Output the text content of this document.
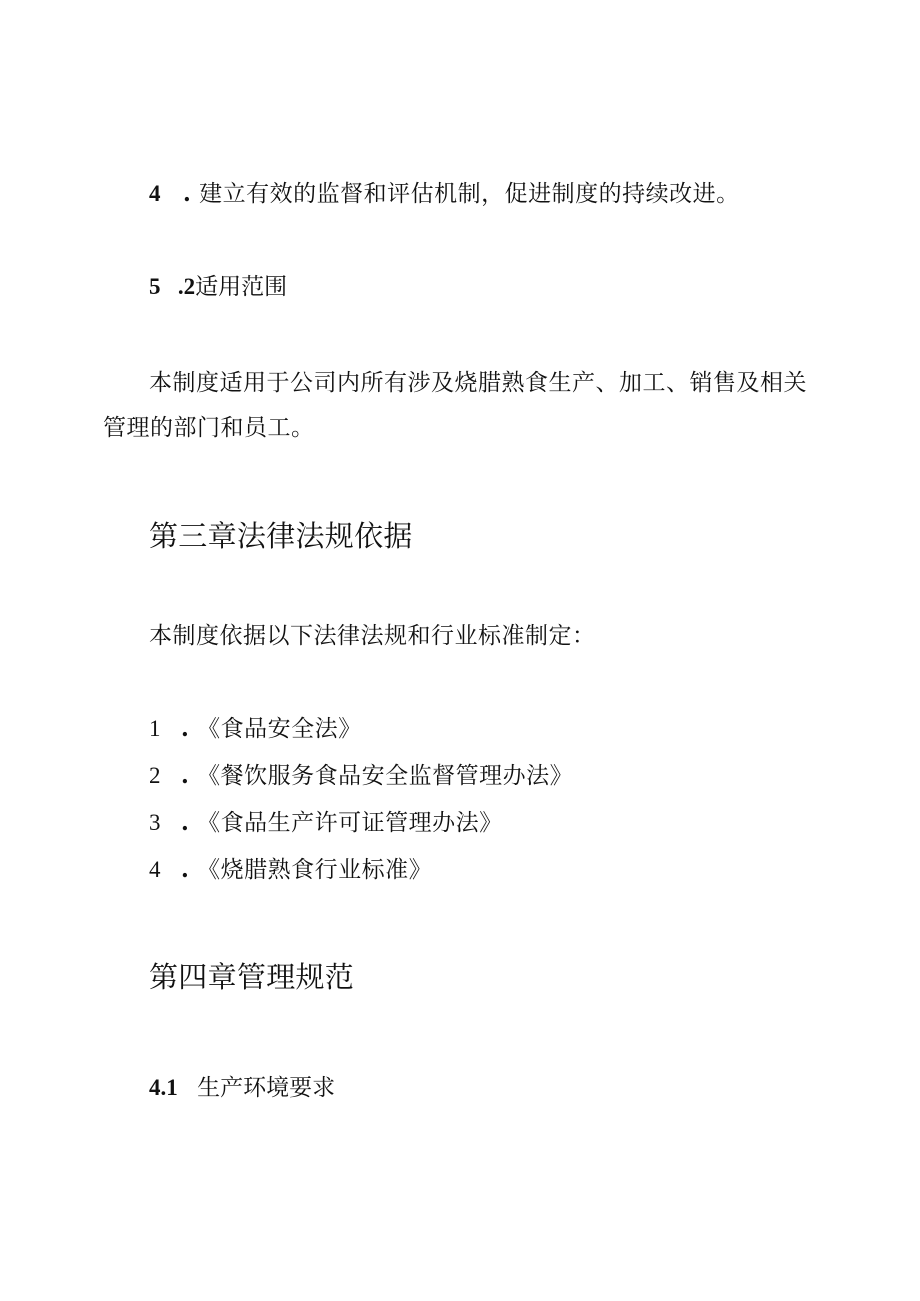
4 . 建立有效的监督和评估机制，促进制度的持续改进。
5 .2适用范围
本制度适用于公司内所有涉及烧腊熟食生产、加工、销售及相关
管理的部门和员工。
第三章法律法规依据
本制度依据以下法律法规和行业标准制定：
1 . 《食品安全法》
2 . 《餐饮服务食品安全监督管理办法》
3 . 《食品生产许可证管理办法》
4 . 《烧腊熟食行业标准》
第四章管理规范
4.1 生产环境要求
